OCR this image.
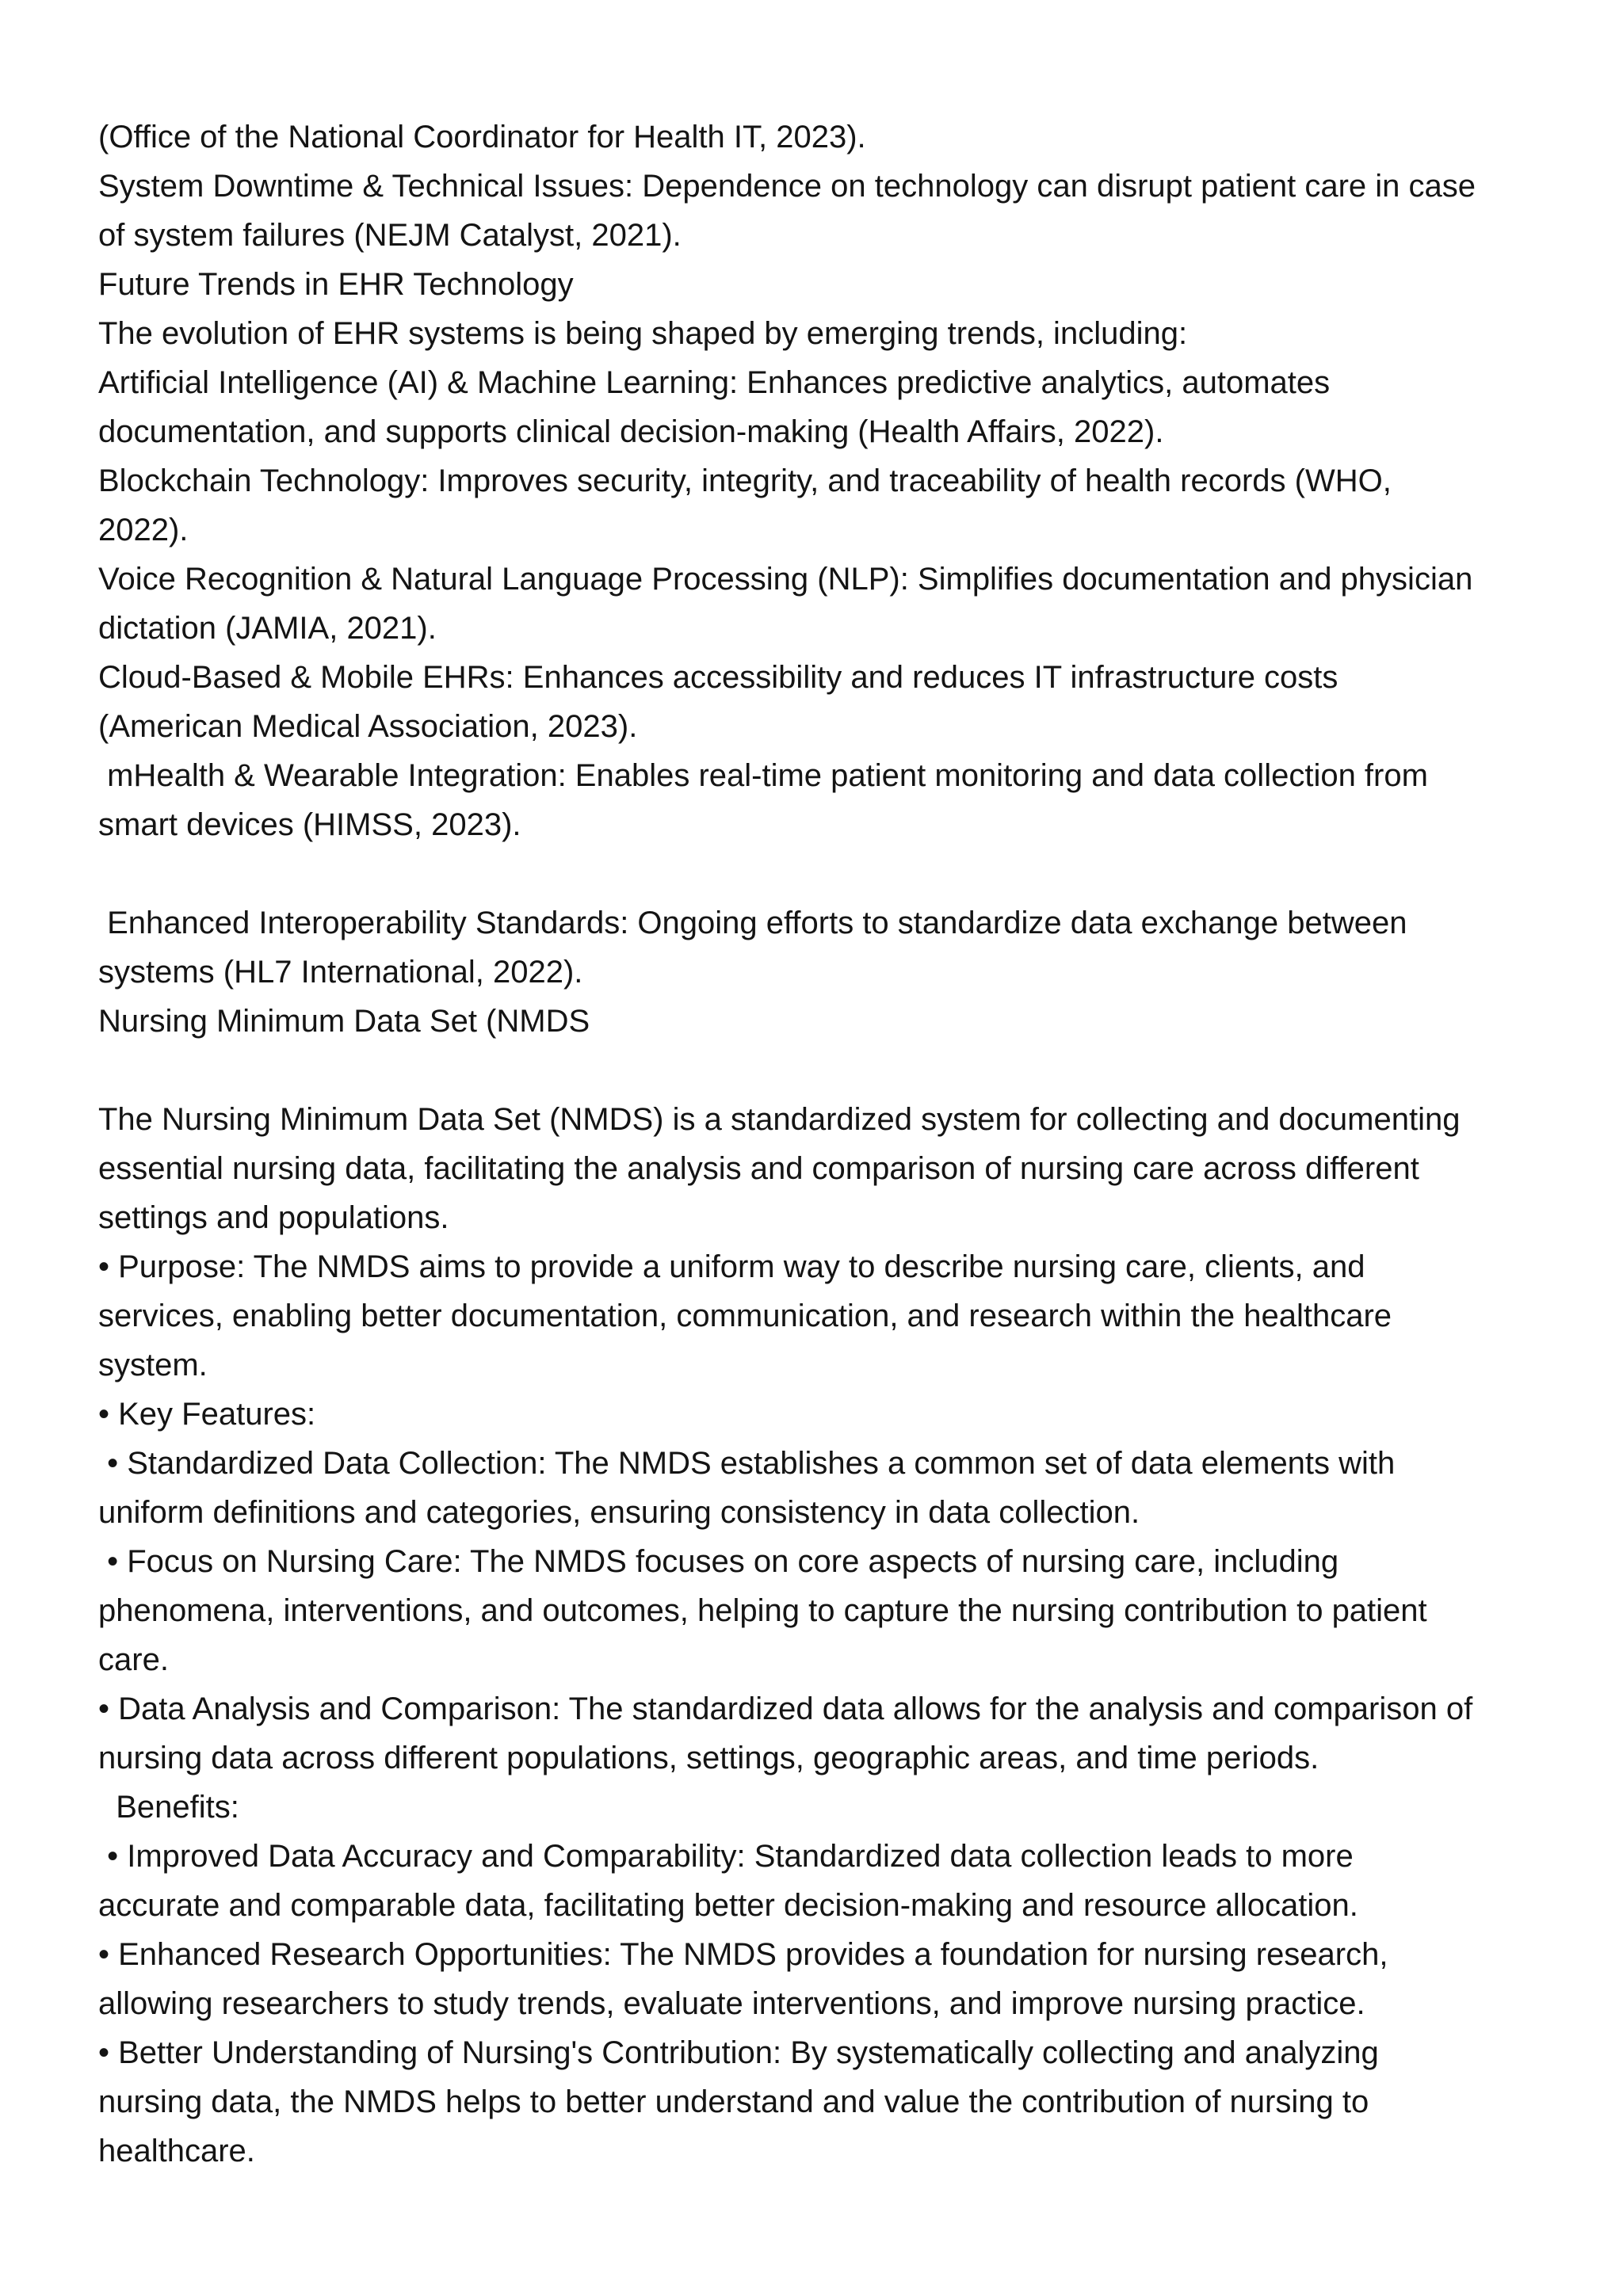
(Office of the National Coordinator for Health IT, 2023).
System Downtime & Technical Issues: Dependence on technology can disrupt patient care in case
of system failures (NEJM Catalyst, 2021).
Future Trends in EHR Technology
The evolution of EHR systems is being shaped by emerging trends, including:
Artificial Intelligence (AI) & Machine Learning: Enhances predictive analytics, automates
documentation, and supports clinical decision-making (Health Affairs, 2022).
Blockchain Technology: Improves security, integrity, and traceability of health records (WHO,
2022).
Voice Recognition & Natural Language Processing (NLP): Simplifies documentation and physician
dictation (JAMIA, 2021).
Cloud-Based & Mobile EHRs: Enhances accessibility and reduces IT infrastructure costs
(American Medical Association, 2023).
mHealth & Wearable Integration: Enables real-time patient monitoring and data collection from
smart devices (HIMSS, 2023).
Enhanced Interoperability Standards: Ongoing efforts to standardize data exchange between
systems (HL7 International, 2022).
Nursing Minimum Data Set (NMDS
The Nursing Minimum Data Set (NMDS) is a standardized system for collecting and documenting
essential nursing data, facilitating the analysis and comparison of nursing care across different
settings and populations.
• Purpose: The NMDS aims to provide a uniform way to describe nursing care, clients, and
services, enabling better documentation, communication, and research within the healthcare
system.
• Key Features:
• Standardized Data Collection: The NMDS establishes a common set of data elements with
uniform definitions and categories, ensuring consistency in data collection.
• Focus on Nursing Care: The NMDS focuses on core aspects of nursing care, including
phenomena, interventions, and outcomes, helping to capture the nursing contribution to patient
care.
• Data Analysis and Comparison: The standardized data allows for the analysis and comparison of
nursing data across different populations, settings, geographic areas, and time periods.
Benefits:
• Improved Data Accuracy and Comparability: Standardized data collection leads to more
accurate and comparable data, facilitating better decision-making and resource allocation.
• Enhanced Research Opportunities: The NMDS provides a foundation for nursing research,
allowing researchers to study trends, evaluate interventions, and improve nursing practice.
• Better Understanding of Nursing's Contribution: By systematically collecting and analyzing
nursing data, the NMDS helps to better understand and value the contribution of nursing to
healthcare.
